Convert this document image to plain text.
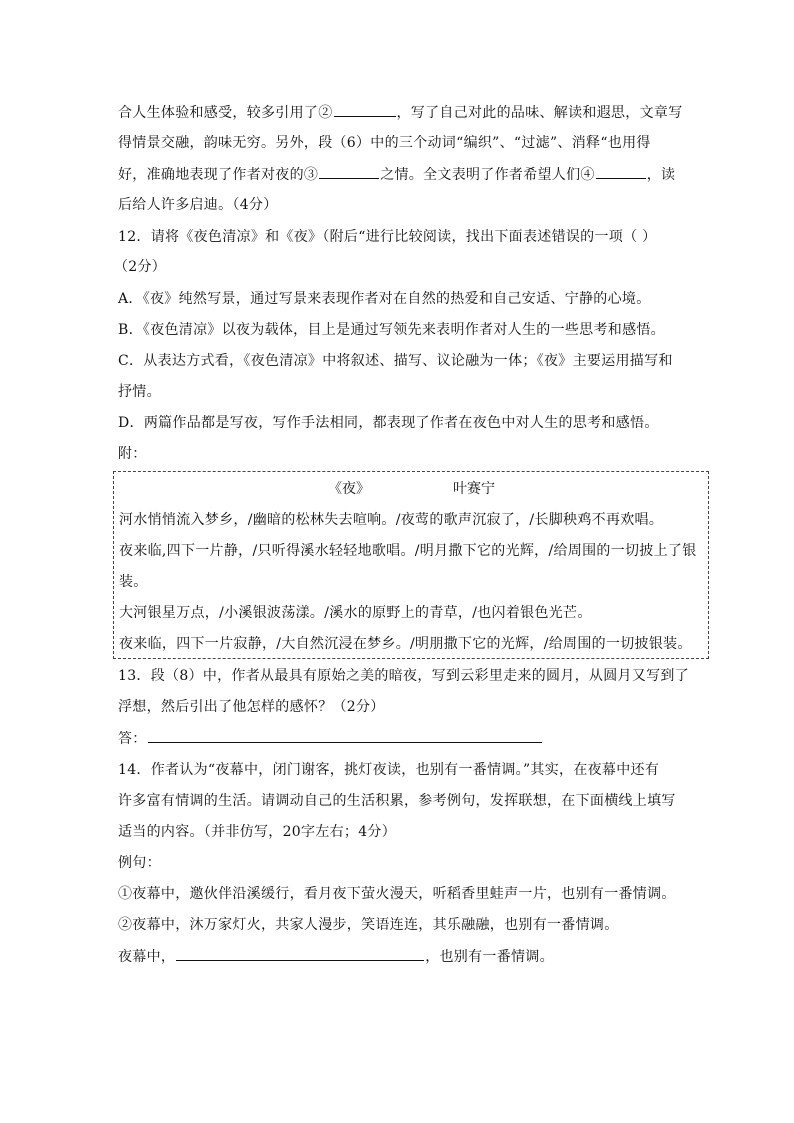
合人生体验和感受，较多引用了②	，写了自己对此的品味、解读和遐思，文章写
得情景交融，韵味无穷。另外，段（6）中的三个动词“编织”、“过滤”、消释“也用得
好，准确地表现了作者对夜的③	之情。全文表明了作者希望人们④	，读
后给人许多启迪。（4分）
12．请将《夜色清凉》和《夜》（附后“进行比较阅读，找出下面表述错误的一项（ ）
（2分）
A．《夜》纯然写景，通过写景来表现作者对在自然的热爱和自己安适、宁静的心境。
B．《夜色清凉》以夜为载体，目上是通过写领先来表明作者对人生的一些思考和感悟。
C．从表达方式看，《夜色清凉》中将叙述、描写、议论融为一体；《夜》主要运用描写和
抒情。
D．两篇作品都是写夜，写作手法相同，都表现了作者在夜色中对人生的思考和感悟。
附：
《夜》	叶赛宁
河水悄悄流入梦乡，/幽暗的松林失去喧响。/夜莺的歌声沉寂了，/长脚秧鸡不再欢唱。
夜来临,四下一片静，/只听得溪水轻轻地歌唱。/明月撒下它的光辉，/给周围的一切披上了银
装。
大河银星万点，/小溪银波荡漾。/溪水的原野上的青草，/也闪着银色光芒。
夜来临，四下一片寂静，/大自然沉浸在梦乡。/明朋撒下它的光辉，/给周围的一切披银装。
13．段（8）中，作者从最具有原始之美的暗夜，写到云彩里走来的圆月，从圆月又写到了
浮想，然后引出了他怎样的感怀？（2分）
答：
14．作者认为“夜幕中，闭门谢客，挑灯夜读，也别有一番情调。”其实，在夜幕中还有
许多富有情调的生活。请调动自己的生活积累，参考例句，发挥联想，在下面横线上填写
适当的内容。（并非仿写，20字左右；4分）
例句：
①夜幕中，邀伙伴沿溪缓行，看月夜下萤火漫天，听稻香里蛙声一片，也别有一番情调。
②夜幕中，沐万家灯火，共家人漫步，笑语连连，其乐融融，也别有一番情调。
夜幕中，	，也别有一番情调。
